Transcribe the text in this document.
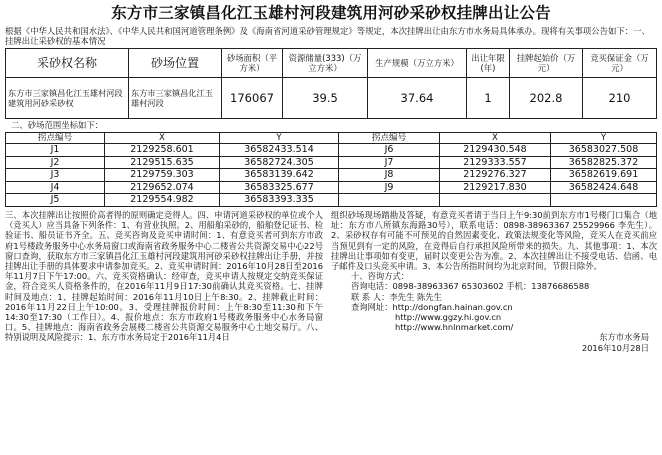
东方市三家镇昌化江玉雄村河段建筑用河砂采砂权挂牌出让公告
根据《中华人民共和国水法》、《中华人民共和国河道管理条例》及《海南省河道采砂管理规定》等规定，本次挂牌出让由东方市水务局具体承办。现将有关事项公告如下：一、挂牌出让采砂权的基本情况
采砂权名称	砂场位置	砂场面积（平方米）	资源储量(333)（万立方米）	生产规模（万立方米）	出让年限(年)	挂牌起始价（万元）	竞买保证金（万元）
东方市三家镇昌化江玉雄村河段建筑用河砂采砂权	东方市三家镇昌化江玉雄村河段	176067	39.5	37.64	1	202.8	210
二、砂场范围坐标如下：
拐点编号	X	Y	拐点编号	X	Y
J1	2129258.601	36582433.514	J6	2129430.548	36583027.508
J2	2129515.635	36582724.305	J7	2129333.557	36582825.372
J3	2129759.303	36583139.642	J8	2129276.327	36582619.691
J4	2129652.074	36583325.677	J9	2129217.830	36582424.648
J5	2129554.982	36583393.335			
三、本次挂牌出让按照价高者得的原则确定竞得人。四、申请河道采砂权的单位或个人（竞买人）应当具备下列条件：1、有营业执照。2、用船舶采砂的，船舶登记证书、检验证书、船员证书齐全。五、竞买咨询及竞买申请时间：1、有意竞买者可到东方市政府1号楼政务服务中心水务局窗口或海南省政务服务中心二楼省公共资源交易中心22号窗口查询，获取东方市三家镇昌化江玉雄村河段建筑用河砂采砂权挂牌出让手册，并按挂牌出让手册的具体要求申请参加竞买。2、竞买申请时间：2016年10月28日至2016年11月7日下午17:00。六、竞买资格确认：经审查，竞买申请人按规定交纳竞买保证金，符合竞买人资格条件的，在2016年11月9日17:30前确认其竞买资格。七、挂牌时间及地点：1、挂牌起始时间：2016年11月10日上午8:30。2、挂牌截止时间：2016年11月22日上午10:00。3、受理挂牌报价时间：上午8:30至11:30和下午14:30至17:30（工作日）。4、报价地点：东方市政府1号楼政务服务中心水务局窗口。5、挂牌地点：海南省政务会展楼二楼省公共资源交易服务中心土地交易厅。八、特别说明及风险提示：1、东方市水务局定于2016年11月4日
组织砂场现场踏勘及答疑，有意竞买者请于当日上午9:30前到东方市1号楼门口集合（地址：东方市八所镇东海路30号），联系电话：0898-38963367 25529966 李先生）。2、采砂权存有可能不可预见的自然因素变化、政策法规变化等风险，竞买人在竞买前应当预见到有一定的风险，在竞得后自行承担风险所带来的损失。九、其他事项：1、本次挂牌出让事项如有变更，届时以变更公告为准。2、本次挂牌出让不接受电话、信函、电子邮件及口头竞买申请。3、本公告所指时间均为北京时间，节假日除外。
十、咨询方式：
咨询电话：0898-38963367 65303602 手机：13876686588
联 系 人：李先生 陈先生
查询网址：http://dongfan.hainan.gov.cn
http://www.ggzy.hi.gov.cn
http://www.hnlnmarket.com/
东方市水务局
2016年10月28日
